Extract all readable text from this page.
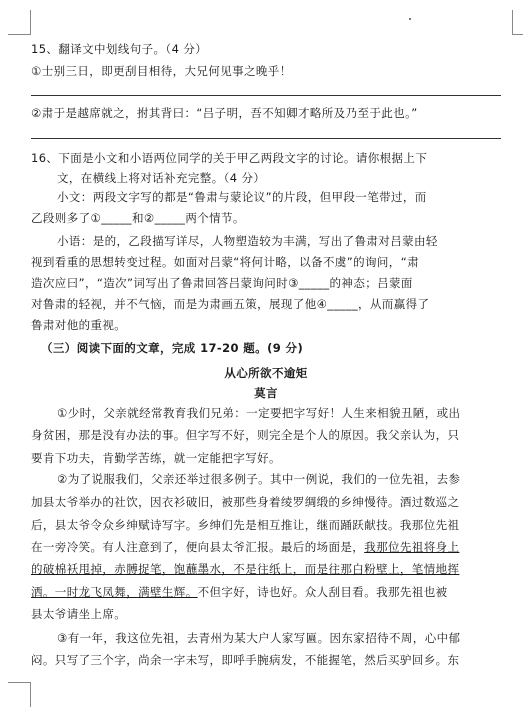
15、翻译文中划线句子。（4 分）
①士别三日，即更刮目相待，大兄何见事之晚乎！
②肃于是越席就之，拊其背曰：“吕子明，吾不知卿才略所及乃至于此也。”
16、下面是小文和小语两位同学的关于甲乙两段文字的讨论。请你根据上下
文，在横线上将对话补充完整。（4 分）
小文：两段文字写的都是“鲁肃与蒙论议”的片段，但甲段一笔带过，而
乙段则多了①_____和②_____两个情节。
小语：是的，乙段描写详尽，人物塑造较为丰满，写出了鲁肃对吕蒙由轻
视到看重的思想转变过程。如面对吕蒙“将何计略，以备不虞”的询问，“肃
造次应曰”，“造次”词写出了鲁肃回答吕蒙询问时③_____的神态；吕蒙面
对鲁肃的轻视，并不气恼，而是为肃画五策，展现了他④_____，从而赢得了
鲁肃对他的重视。
（三）阅读下面的文章，完成 17-20 题。(9 分)
从心所欲不逾矩
莫言
①少时，父亲就经常教育我们兄弟：一定要把字写好！人生来相貌丑陋，或出
身贫困，那是没有办法的事。但字写不好，则完全是个人的原因。我父亲认为，只
要肯下功夫，肯勤学苦练，就一定能把字写好。
②为了说服我们，父亲还举过很多例子。其中一例说，我们的一位先祖，去参
加县太爷举办的社饮，因衣衫破旧，被那些身着绫罗绸缎的乡绅慢待。酒过数巡之
后，县太爷令众乡绅赋诗写字。乡绅们先是相互推让，继而踊跃献技。我那位先祖
在一旁冷笑。有人注意到了，便向县太爷汇报。最后的场面是，我那位先祖将身上
的破棉袄甩掉，赤膊捉笔，饱蘸墨水，不是往纸上，而是往那白粉壁上，笔情地挥
洒。一时龙飞凤舞，满壁生辉。不但字好，诗也好。众人刮目看。我那先祖也被
县太爷请坐上席。
③有一年，我这位先祖，去青州为某大户人家写匾。因东家招待不周，心中郁
闷。只写了三个字，尚余一字未写，即呼手腕病发，不能握笔，然后买驴回乡。东
